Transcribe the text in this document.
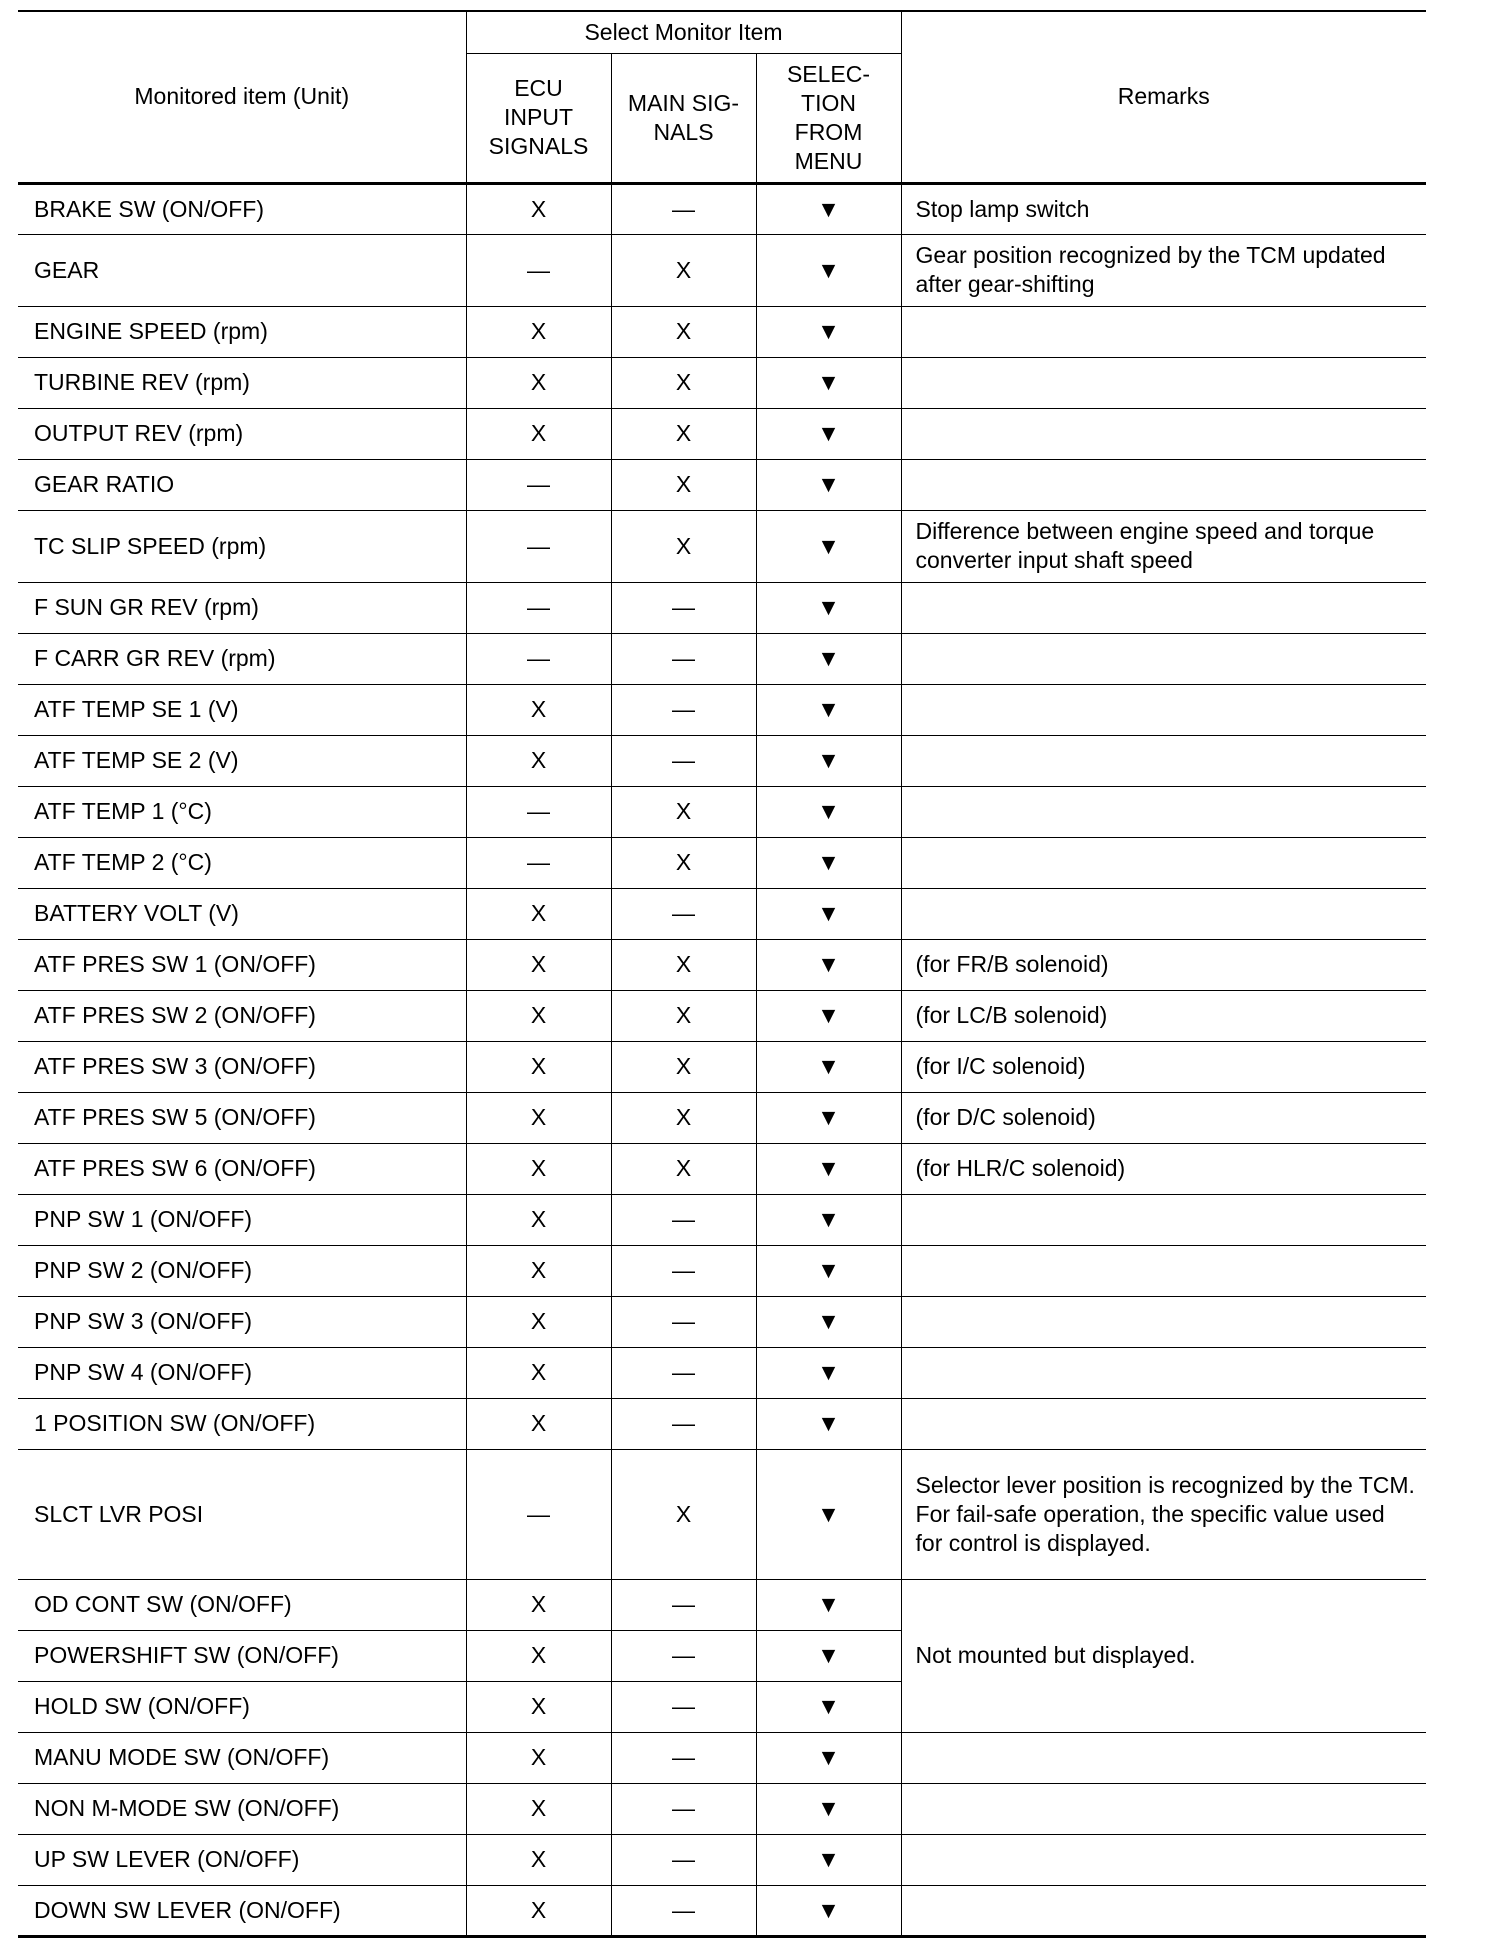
Monitored item (Unit)	Select Monitor Item			Remarks

	ECU INPUT SIGNALS	MAIN SIG-NALS	SELEC-TION FROM MENU	

BRAKE SW (ON/OFF)	X	—	▼	Stop lamp switch
GEAR	—	X	▼	Gear position recognized by the TCM updated after gear-shifting
ENGINE SPEED (rpm)	X	X	▼	
TURBINE REV (rpm)	X	X	▼	
OUTPUT REV (rpm)	X	X	▼	
GEAR RATIO	—	X	▼	
TC SLIP SPEED (rpm)	—	X	▼	Difference between engine speed and torque converter input shaft speed
F SUN GR REV (rpm)	—	—	▼	
F CARR GR REV (rpm)	—	—	▼	
ATF TEMP SE 1 (V)	X	—	▼	
ATF TEMP SE 2 (V)	X	—	▼	
ATF TEMP 1 (°C)	—	X	▼	
ATF TEMP 2 (°C)	—	X	▼	
BATTERY VOLT (V)	X	—	▼	
ATF PRES SW 1 (ON/OFF)	X	X	▼	(for FR/B solenoid)
ATF PRES SW 2 (ON/OFF)	X	X	▼	(for LC/B solenoid)
ATF PRES SW 3 (ON/OFF)	X	X	▼	(for I/C solenoid)
ATF PRES SW 5 (ON/OFF)	X	X	▼	(for D/C solenoid)
ATF PRES SW 6 (ON/OFF)	X	X	▼	(for HLR/C solenoid)
PNP SW 1 (ON/OFF)	X	—	▼	
PNP SW 2 (ON/OFF)	X	—	▼	
PNP SW 3 (ON/OFF)	X	—	▼	
PNP SW 4 (ON/OFF)	X	—	▼	
1 POSITION SW (ON/OFF)	X	—	▼	
SLCT LVR POSI	—	X	▼	Selector lever position is recognized by the TCM.
For fail-safe operation, the specific value used for control is displayed.
OD CONT SW (ON/OFF)	X	—	▼	Not mounted but displayed.
POWERSHIFT SW (ON/OFF)	X	—	▼	
HOLD SW (ON/OFF)	X	—	▼	
MANU MODE SW (ON/OFF)	X	—	▼	
NON M-MODE SW (ON/OFF)	X	—	▼	
UP SW LEVER (ON/OFF)	X	—	▼	
DOWN SW LEVER (ON/OFF)	X	—	▼	
